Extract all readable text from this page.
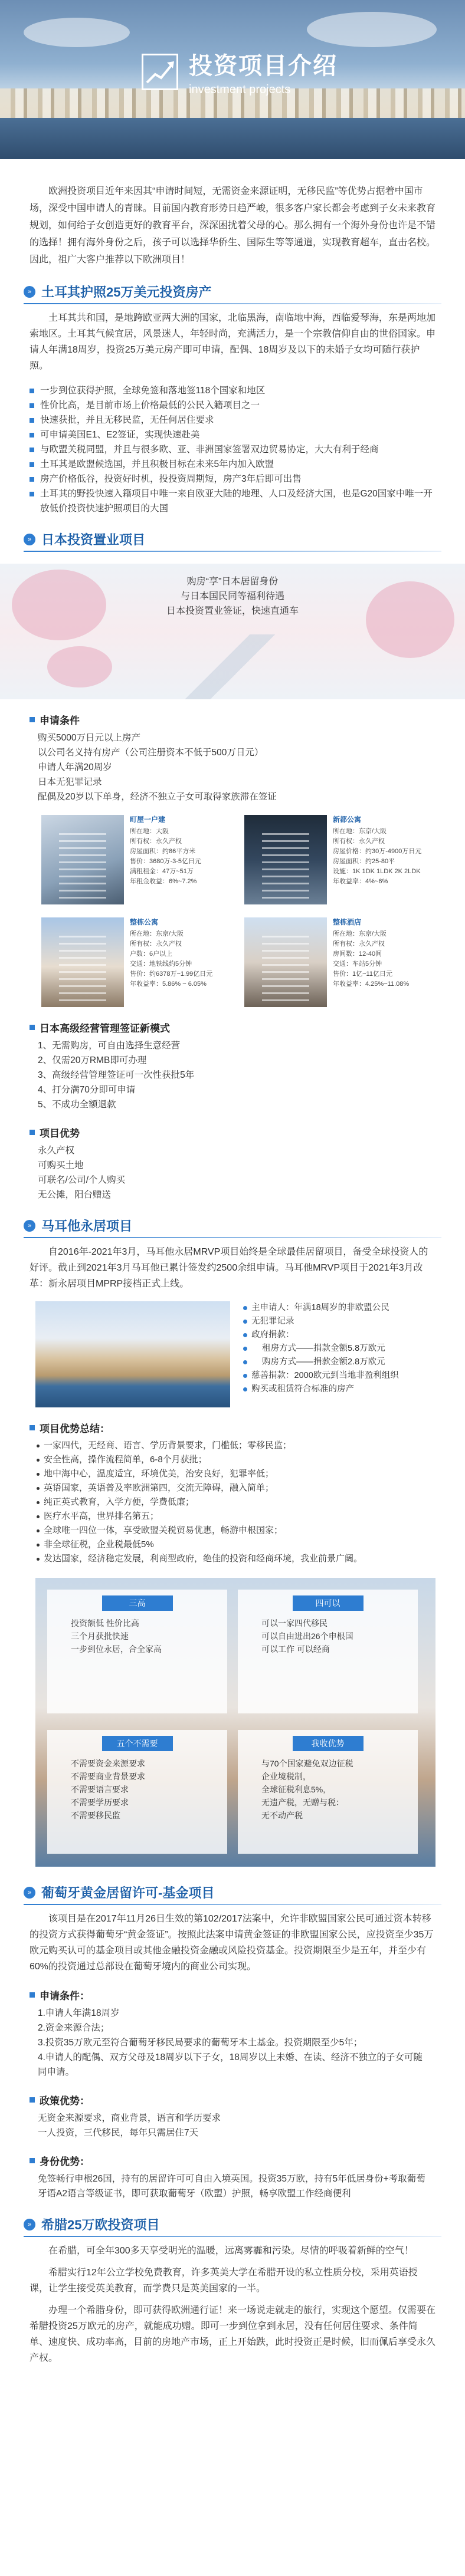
投资项目介绍
investment projects
欧洲投资项目近年来因其“申请时间短，无需资金来源证明，无移民监”等优势占据着中国市场，深受中国申请人的青睐。目前国内教育形势日趋严峻，很多客户家长都会考虑到子女未来教育规划，如何给子女创造更好的教育平台，深深困扰着父母的心。那么拥有一个海外身份也许是不错的选择！拥有海外身份之后，孩子可以选择华侨生、国际生等等通道，实现教育超车，直击名校。因此，祖广大客户推荐以下欧洲项目！
» 土耳其护照25万美元投资房产
土耳其共和国，是地跨欧亚两大洲的国家，北临黑海，南临地中海，西临爱琴海，东是两地加索地区。土耳其气候宜居，风景迷人，年轻时尚，充满活力，是一个宗教信仰自由的世俗国家。申请人年满18周岁，投资25万美元房产即可申请，配偶、18周岁及以下的未婚子女均可随行获护照。
一步到位获得护照，全球免签和落地签118个国家和地区
性价比高，是目前市场上价格最低的公民入籍项目之一
快速获批，并且无移民监，无任何居住要求
可申请美国E1、E2签证，实现快速赴美
与欧盟关税同盟，并且与很多欧、亚、非洲国家签署双边贸易协定，大大有利于经商
土耳其是欧盟候选国，并且积极目标在未来5年内加入欧盟
房产价格低谷，投资好时机，投投资周期短，房产3年后即可出售
土耳其的野投快速入籍项目中唯一来自欧亚大陆的地理、人口及经济大国，也是G20国家中唯一开放低价投资快速护照项目的大国
» 日本投资置业项目
购房“享”日本居留身份
与日本国民同等福利待遇
日本投资置业签证，快速直通车
申请条件
购买5000万日元以上房产
以公司名义持有房产（公司注册资本不低于500万日元）
申请人年满20周岁
日本无犯罪记录
配偶及20岁以下单身，经济不独立子女可取得家族滞在签证
町屋一户建
所在地：大阪
所有权：永久产权
房屋面积：约86平方米
售价：3680万-3-5亿日元
满租租金：47万~51万
年租金收益：6%~7.2%
新都公寓
所在地：东京/大阪
所有权：永久产权
房屋价格：约30万-4900万日元
房屋面积：约25-80平
设施：1K 1DK 1LDK 2K 2LDK
年收益率：4%~6%
整栋公寓
所在地：东京/大阪
所有权：永久产权
户数：6户以上
交通：地铁线约5分钟
售价：约6378万~1.99亿日元
年收益率：5.86% ~ 6.05%
整栋酒店
所在地：东京/大阪
所有权：永久产权
房间数：12-40间
交通：车站5分钟
售价：1亿~11亿日元
年收益率：4.25%~11.08%
日本高级经营管理签证新模式
1、无需购房，可自由选择生意经营
2、仅需20万RMB即可办理
3、高级经营管理签证可一次性获批5年
4、打分满70分即可申请
5、不成功全额退款
项目优势
永久产权
可购买土地
可联名/公司/个人购买
无公摊，阳台赠送
» 马耳他永居项目
自2016年-2021年3月，马耳他永居MRVP项目始终是全球最佳居留项目，备受全球投资人的好评。截止到2021年3月马耳他已累计签发约2500余组申请。马耳他MRVP项目于2021年3月改革：新永居项目MPRP接档正式上线。
主申请人：年满18周岁的非欧盟公民
无犯罪记录
政府捐款：
租房方式——捐款金额5.8万欧元
购房方式——捐款金额2.8万欧元
慈善捐款：2000欧元到当地非盈利组织
购买或租赁符合标准的房产
项目优势总结：
一家四代，无经商、语言、学历背景要求，门槛低；零移民监；
安全性高，操作流程简单，6-8个月获批；
地中海中心，温度适宜，环境优美，治安良好，犯罪率低；
英语国家，英语普及率欧洲第四，交流无障碍，融入简单；
纯正英式教育，入学方便，学费低廉；
医疗水平高，世界排名第五；
全球唯一四位一体，享受欧盟关税贸易优惠，畅游申根国家；
非全球征税，企业税最低5%
发达国家，经济稳定发展，利商型政府，绝佳的投资和经商环境，我业前景广阔。
三高
投资额低 性价比高
三个月获批快速
一步到位永居，合全家高
四可以
可以一家四代移民
可以自由进出26个申根国
可以工作 可以经商
五个不需要
不需要资金来源要求
不需要商业背景要求
不需要语言要求
不需要学历要求
不需要移民监
我收优势
与70个国家避免双边征税
企业境税制，
全球征税利息5%,
无遗产税，无赠与税：
无不动产税
» 葡萄牙黄金居留许可-基金项目
该项目是在2017年11月26日生效的第102/2017法案中，允许非欧盟国家公民可通过资本转移的投资方式获得葡萄牙“黄金签证”。按照此法案申请黄金签证的非欧盟国家公民，应投资至少35万欧元购买认可的基金项目或其他金融投资金融或风险投资基金。投资期限至少是五年，并至少有60%的投资通过总部设在葡萄牙境内的商业公司实现。
申请条件：
1.申请人年满18周岁
2.资金来源合法；
3.投资35万欧元至符合葡萄牙移民局要求的葡萄牙本土基金。投资期限至少5年；
4.申请人的配偶、双方父母及18周岁以下子女，18周岁以上未婚、在读、经济不独立的子女可随同申请。
政策优势：
无资金来源要求，商业背景，语言和学历要求
一人投资，三代移民，每年只需居住7天
身份优势：
免签畅行申根26国，持有的居留许可可自由入境英国。投资35万欧，持有5年低居身份+考取葡萄牙语A2语言等级证书，即可获取葡萄牙（欧盟）护照，畅享欧盟工作经商便利
» 希腊25万欧投资项目
在希腊，可全年300多天享受明光的温暖，远离雾霾和污染。尽情的呼吸着新鲜的空气！
希腊实行12年公立学校免费教育，许多英美大学在希腊开设的私立性质分校，采用英语授课，让学生接受英美教育，而学费只是英美国家的一半。
办理一个希腊身份，即可获得欧洲通行证！来一场说走就走的旅行，实现这个愿望。仅需要在希腊投资25万欧元的房产，就能成功赠。即可一步到位拿到永居，没有任何居住要求、条件简单、速度快、成功率高，目前的房地产市场，正上开始跌，此时投资正是时候，旧而佩后享受永久产权。
